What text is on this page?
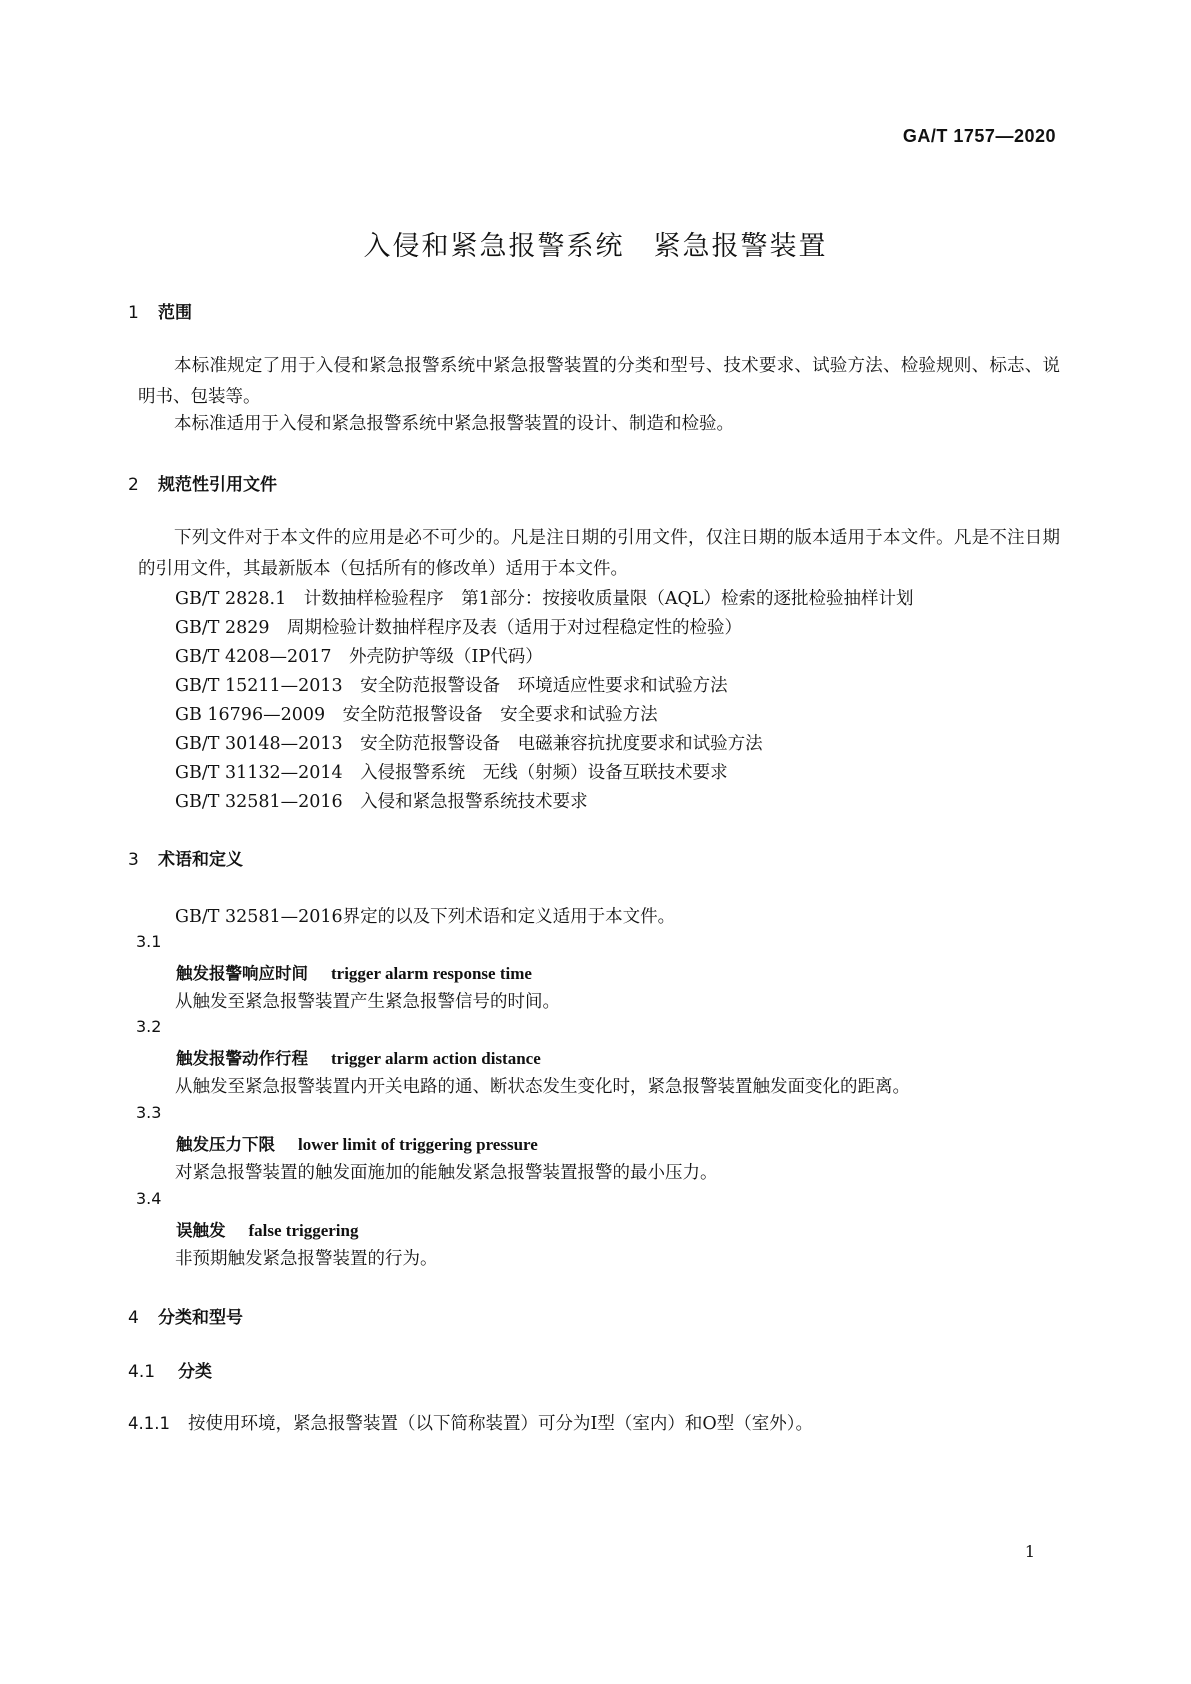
GA/T 1757—2020
入侵和紧急报警系统　紧急报警装置
1 范围
本标准规定了用于入侵和紧急报警系统中紧急报警装置的分类和型号、技术要求、试验方法、检验规则、标志、说明书、包装等。
本标准适用于入侵和紧急报警系统中紧急报警装置的设计、制造和检验。
2 规范性引用文件
下列文件对于本文件的应用是必不可少的。凡是注日期的引用文件，仅注日期的版本适用于本文件。凡是不注日期的引用文件，其最新版本（包括所有的修改单）适用于本文件。
GB/T 2828.1　计数抽样检验程序　第1部分：按接收质量限（AQL）检索的逐批检验抽样计划
GB/T 2829　周期检验计数抽样程序及表（适用于对过程稳定性的检验）
GB/T 4208—2017　外壳防护等级（IP代码）
GB/T 15211—2013　安全防范报警设备　环境适应性要求和试验方法
GB 16796—2009　安全防范报警设备　安全要求和试验方法
GB/T 30148—2013　安全防范报警设备　电磁兼容抗扰度要求和试验方法
GB/T 31132—2014　入侵报警系统　无线（射频）设备互联技术要求
GB/T 32581—2016　入侵和紧急报警系统技术要求
3 术语和定义
GB/T 32581—2016界定的以及下列术语和定义适用于本文件。
3.1
触发报警响应时间 trigger alarm response time
从触发至紧急报警装置产生紧急报警信号的时间。
3.2
触发报警动作行程 trigger alarm action distance
从触发至紧急报警装置内开关电路的通、断状态发生变化时，紧急报警装置触发面变化的距离。
3.3
触发压力下限 lower limit of triggering pressure
对紧急报警装置的触发面施加的能触发紧急报警装置报警的最小压力。
3.4
误触发 false triggering
非预期触发紧急报警装置的行为。
4 分类和型号
4.1 分类
4.1.1 按使用环境，紧急报警装置（以下简称装置）可分为Ⅰ型（室内）和O型（室外）。
1
